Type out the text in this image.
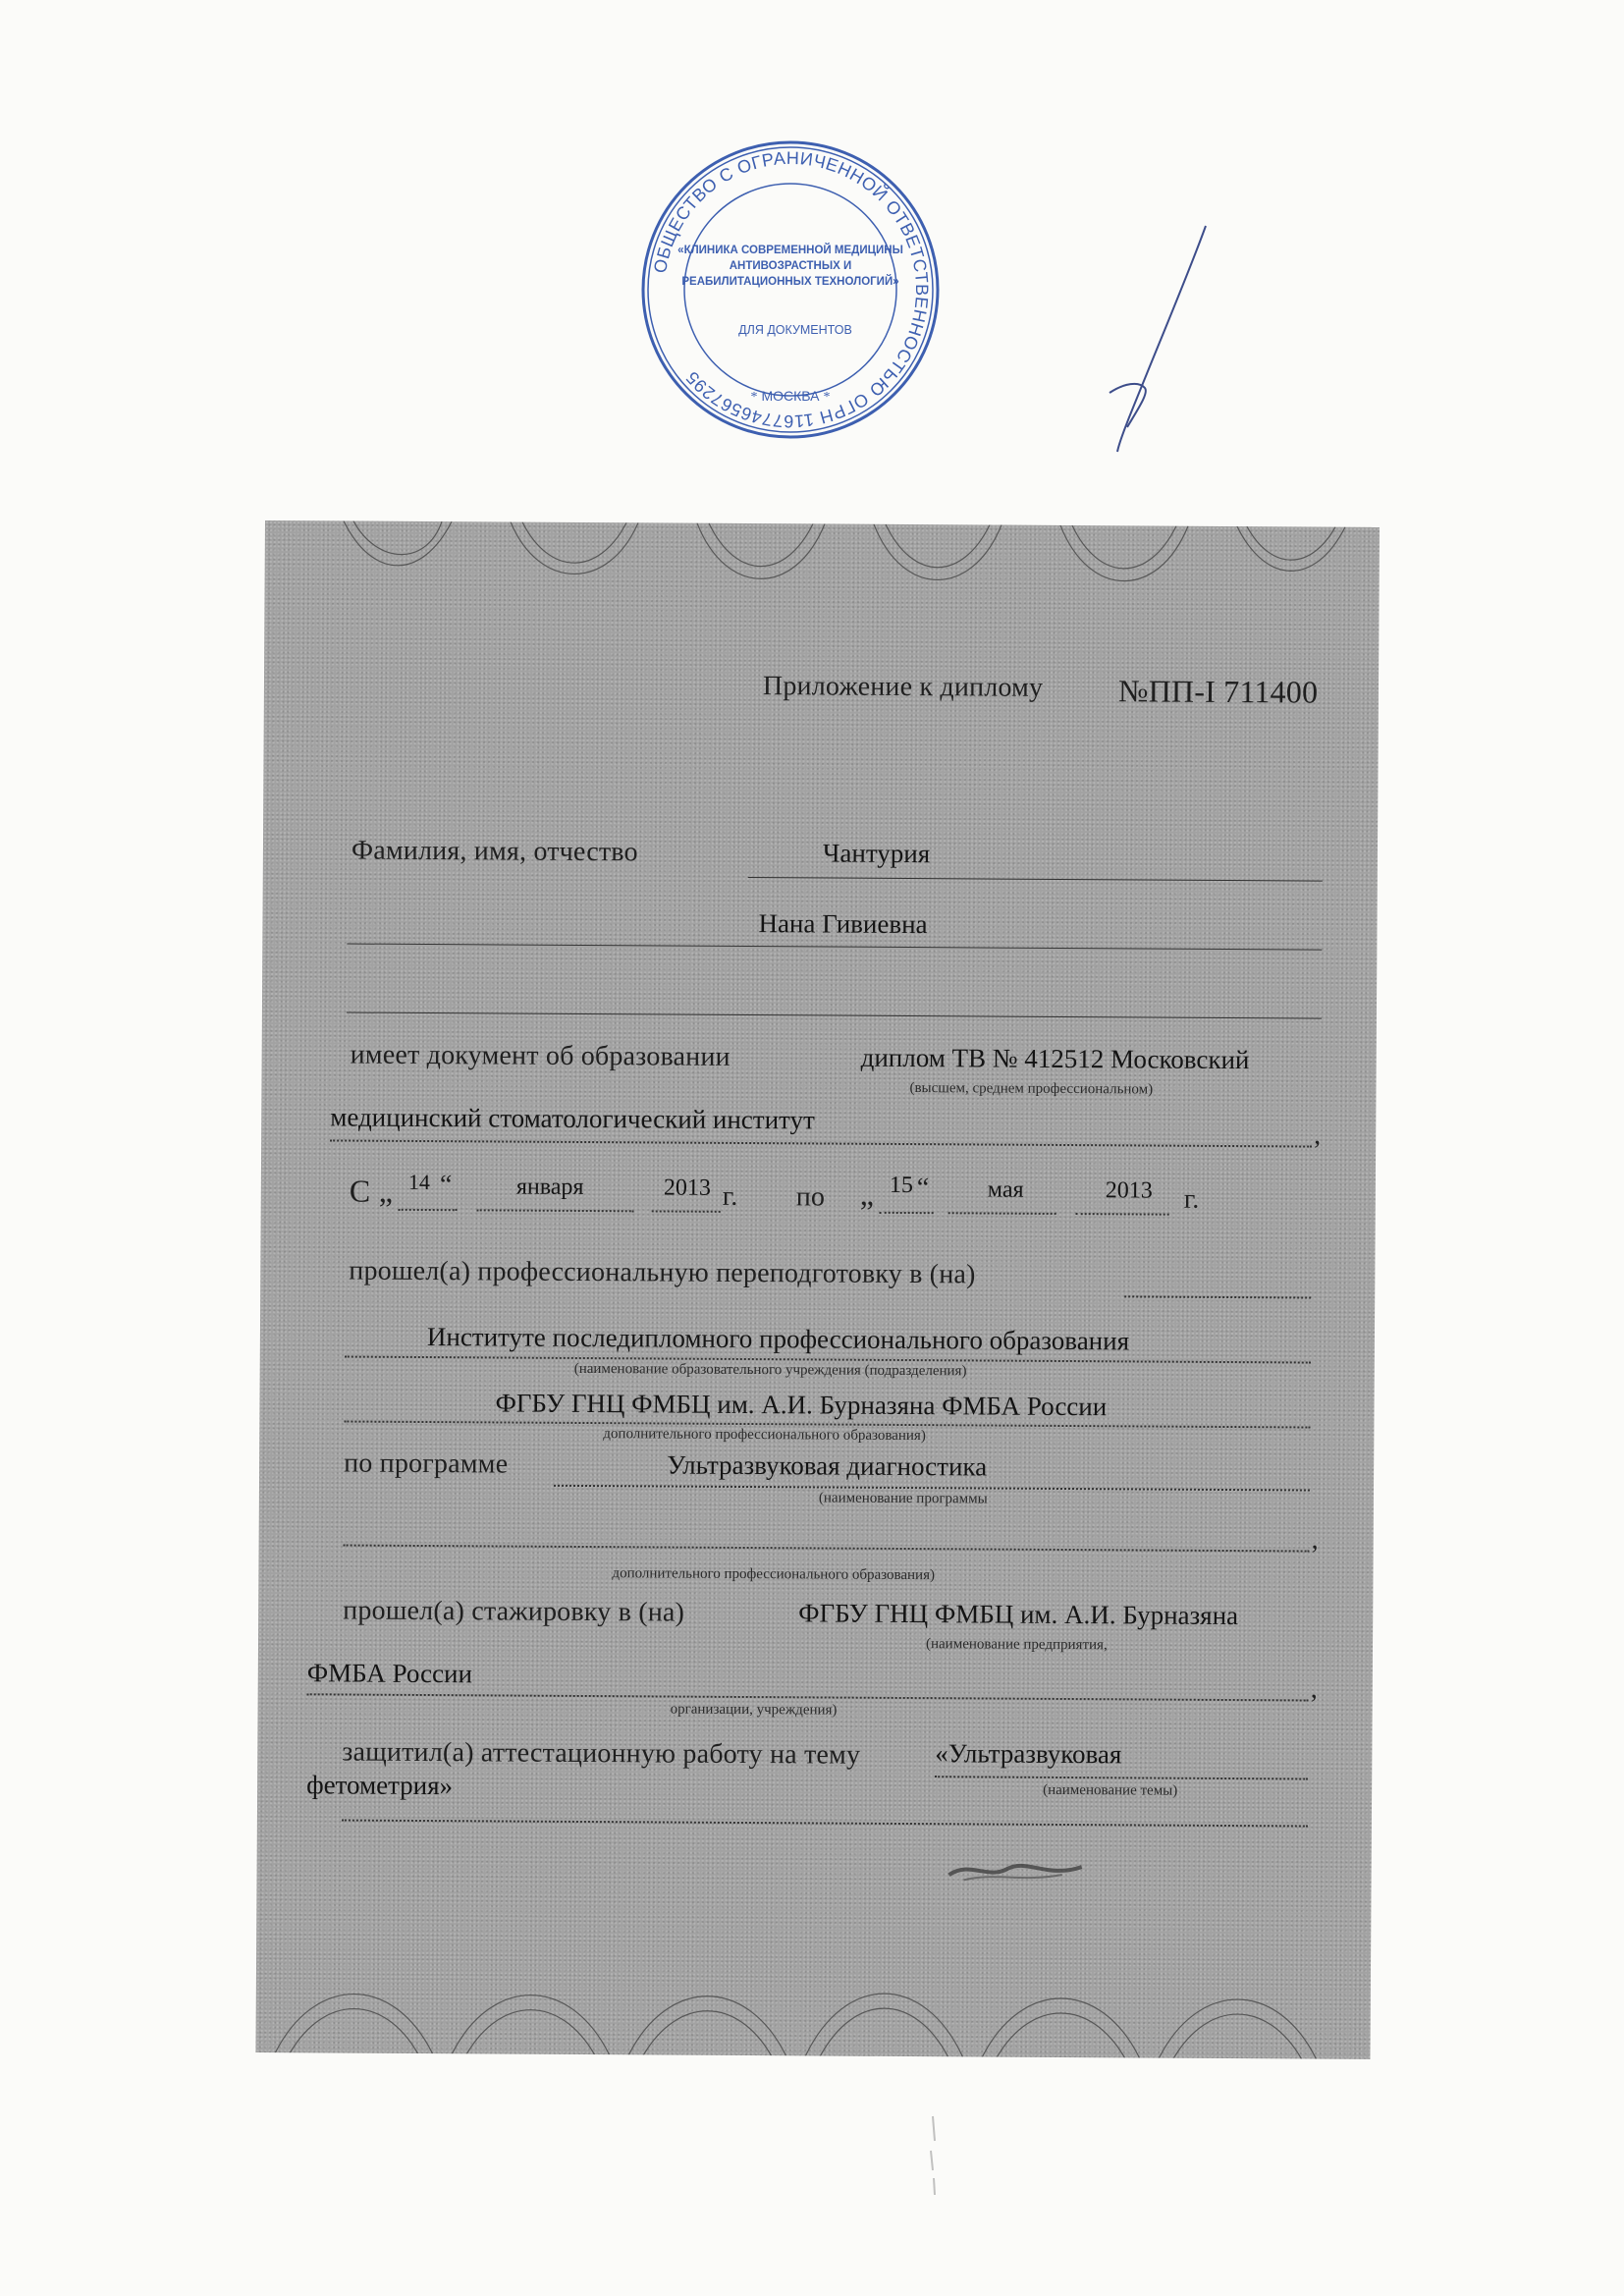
ОБЩЕСТВО С ОГРАНИЧЕННОЙ ОТВЕТСТВЕННОСТЬЮ ОГРН 1167746567295
«КЛИНИКА СОВРЕМЕННОЙ МЕДИЦИНЫ
АНТИВОЗРАСТНЫХ И
РЕАБИЛИТАЦИОННЫХ ТЕХНОЛОГИЙ»
ДЛЯ ДОКУМЕНТОВ
МОСКВА
*	*
Приложение к диплому №ПП-I 711400
Фамилия, имя, отчество	Чантурия
Нана Гивиевна
имеет документ об образовании	диплом ТВ № 412512 Московский
(высшем, среднем профессиональном)
медицинский стоматологический институт
,
С „ 14 “	января	2013 г. по „ 15 “ мая	2013 г.
прошел(а) профессиональную переподготовку в (на)
Институте последипломного профессионального образования
(наименование образовательного учреждения (подразделения)
ФГБУ ГНЦ ФМБЦ им. А.И. Бурназяна ФМБА России
дополнительного профессионального образования)
по программе	Ультразвуковая диагностика
(наименование программы
,
дополнительного профессионального образования)
прошел(а) стажировку в (на)	ФГБУ ГНЦ ФМБЦ им. А.И. Бурназяна
(наименование предприятия,
ФМБА России
,
организации, учреждения)
защитил(а) аттестационную работу на тему	«Ультразвуковая
фетометрия»	(наименование темы)
